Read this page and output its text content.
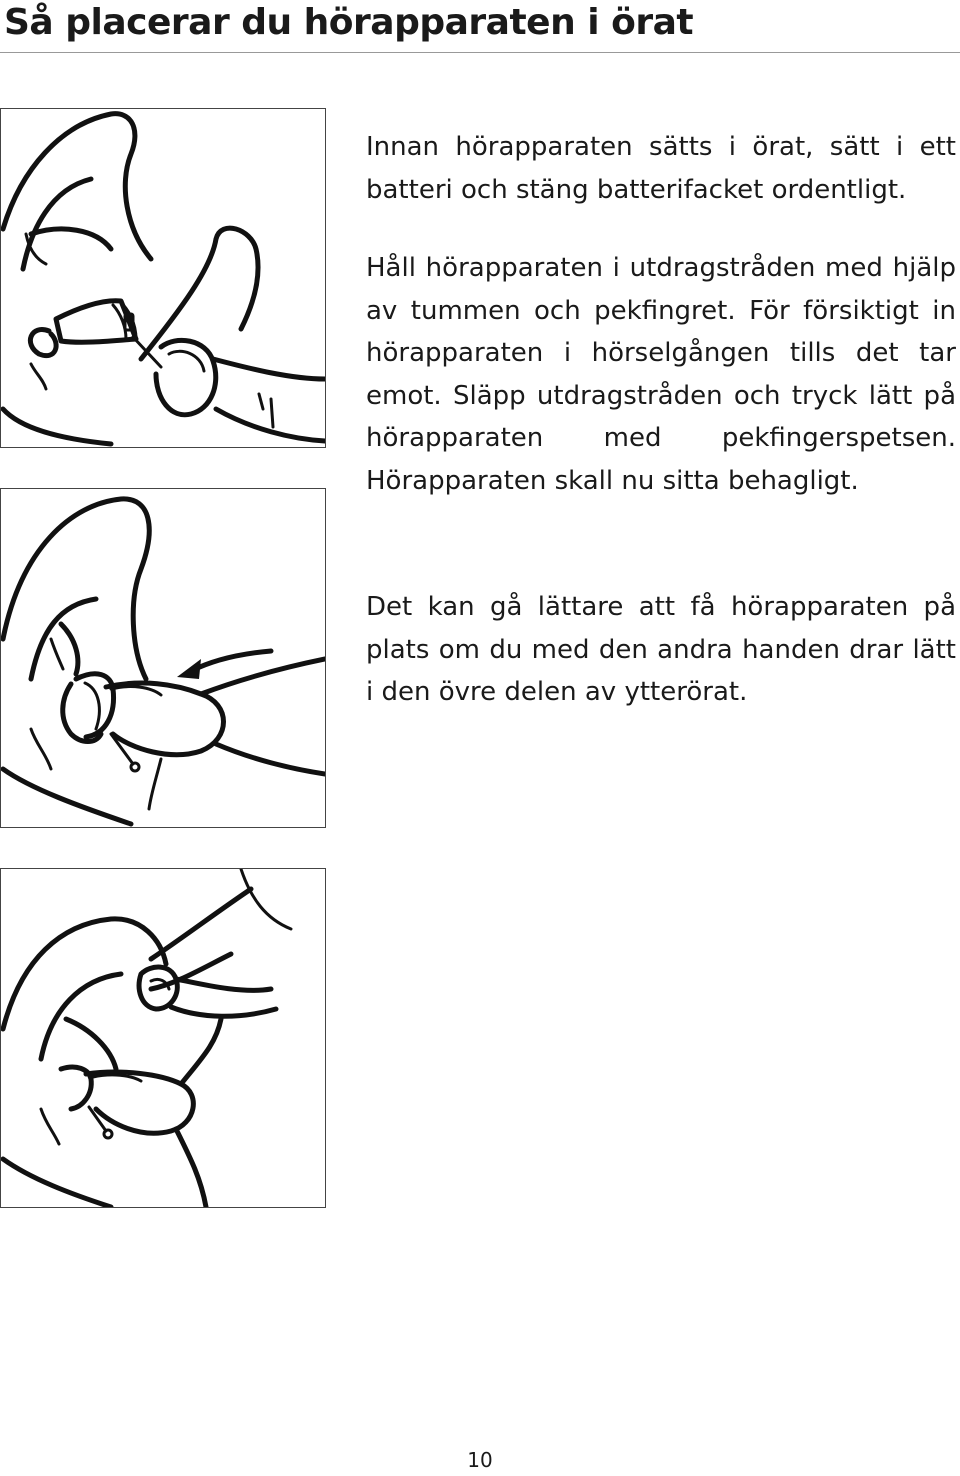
Så placerar du hörapparaten i örat

Innan hörapparaten sätts i örat, sätt i ett batteri och stäng batterifacket ordentligt.

Håll hörapparaten i utdragstråden med hjälp av tummen och pekfingret. För försiktigt in hörapparaten i hörselgången tills det tar emot. Släpp utdragstråden och tryck lätt på hörapparaten med pekfingerspetsen. Hörapparaten skall nu sitta behagligt.

Det kan gå lättare att få hörapparaten på plats om du med den andra handen drar lätt i den övre delen av ytterörat.

10
